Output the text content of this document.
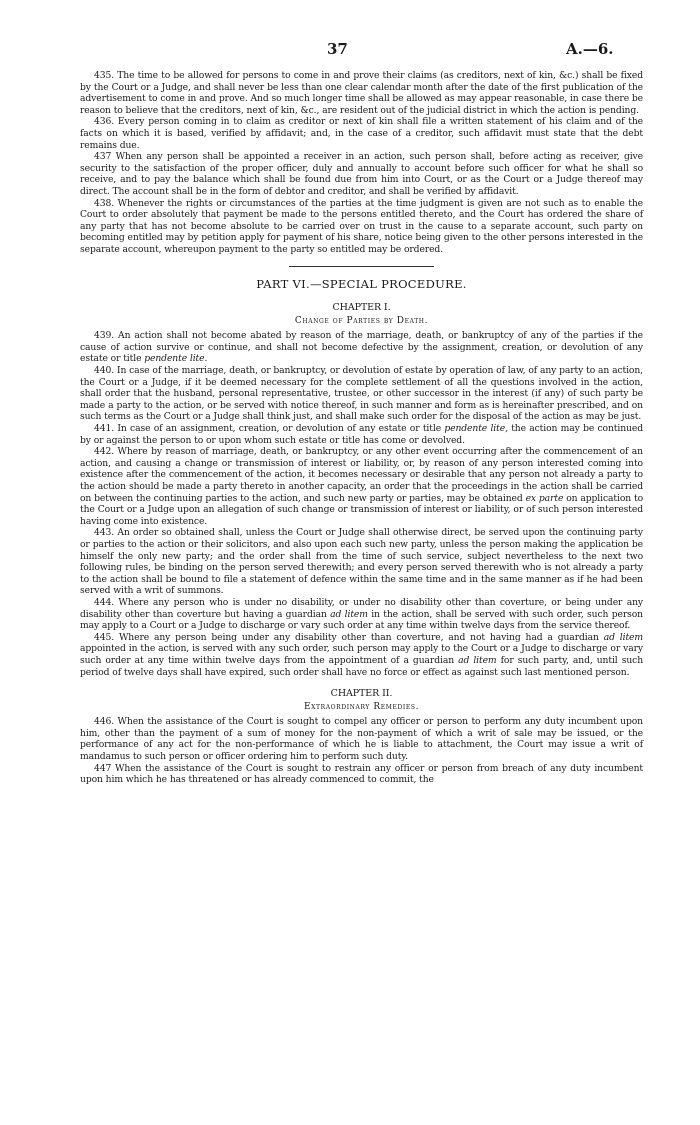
37	A.—6.

435. The time to be allowed for persons to come in and prove their claims (as creditors, next of kin, &c.) shall be fixed by the Court or a Judge, and shall never be less than one clear calendar month after the date of the first publication of the advertisement to come in and prove. And so much longer time shall be allowed as may appear reasonable, in case there be reason to believe that the creditors, next of kin, &c., are resident out of the judicial district in which the action is pending.

436. Every person coming in to claim as creditor or next of kin shall file a written statement of his claim and of the facts on which it is based, verified by affidavit; and, in the case of a creditor, such affidavit must state that the debt remains due.

437 When any person shall be appointed a receiver in an action, such person shall, before acting as receiver, give security to the satisfaction of the proper officer, duly and annually to account before such officer for what he shall so receive, and to pay the balance which shall be found due from him into Court, or as the Court or a Judge thereof may direct. The account shall be in the form of debtor and creditor, and shall be verified by affidavit.

438. Whenever the rights or circumstances of the parties at the time judgment is given are not such as to enable the Court to order absolutely that payment be made to the persons entitled thereto, and the Court has ordered the share of any party that has not become absolute to be carried over on trust in the cause to a separate account, such party on becoming entitled may by petition apply for payment of his share, notice being given to the other persons interested in the separate account, whereupon payment to the party so entitled may be ordered.

PART VI.—SPECIAL PROCEDURE.
CHAPTER I.
Change of Parties by Death.

439. An action shall not become abated by reason of the marriage, death, or bankruptcy of any of the parties if the cause of action survive or continue, and shall not become defective by the assignment, creation, or devolution of any estate or title pendente lite.

440. In case of the marriage, death, or bankruptcy, or devolution of estate by operation of law, of any party to an action, the Court or a Judge, if it be deemed necessary for the complete settlement of all the questions involved in the action, shall order that the husband, personal representative, trustee, or other successor in the interest (if any) of such party be made a party to the action, or be served with notice thereof, in such manner and form as is hereinafter prescribed, and on such terms as the Court or a Judge shall think just, and shall make such order for the disposal of the action as may be just.

441. In case of an assignment, creation, or devolution of any estate or title pendente lite, the action may be continued by or against the person to or upon whom such estate or title has come or devolved.

442. Where by reason of marriage, death, or bankruptcy, or any other event occurring after the commencement of an action, and causing a change or transmission of interest or liability, or, by reason of any person interested coming into existence after the commencement of the action, it becomes necessary or desirable that any person not already a party to the action should be made a party thereto in another capacity, an order that the proceedings in the action shall be carried on between the continuing parties to the action, and such new party or parties, may be obtained ex parte on application to the Court or a Judge upon an allegation of such change or transmission of interest or liability, or of such person interested having come into existence.

443. An order so obtained shall, unless the Court or Judge shall otherwise direct, be served upon the continuing party or parties to the action or their solicitors, and also upon each such new party, unless the person making the application be himself the only new party; and the order shall from the time of such service, subject nevertheless to the next two following rules, be binding on the person served therewith; and every person served therewith who is not already a party to the action shall be bound to file a statement of defence within the same time and in the same manner as if he had been served with a writ of summons.

444. Where any person who is under no disability, or under no disability other than coverture, or being under any disability other than coverture but having a guardian ad litem in the action, shall be served with such order, such person may apply to a Court or a Judge to discharge or vary such order at any time within twelve days from the service thereof.

445. Where any person being under any disability other than coverture, and not having had a guardian ad litem appointed in the action, is served with any such order, such person may apply to the Court or a Judge to discharge or vary such order at any time within twelve days from the appointment of a guardian ad litem for such party, and, until such period of twelve days shall have expired, such order shall have no force or effect as against such last mentioned person.

CHAPTER II.
Extraordinary Remedies.

446. When the assistance of the Court is sought to compel any officer or person to perform any duty incumbent upon him, other than the payment of a sum of money for the non-payment of which a writ of sale may be issued, or the performance of any act for the non-performance of which he is liable to attachment, the Court may issue a writ of mandamus to such person or officer ordering him to perform such duty.

447 When the assistance of the Court is sought to restrain any officer or person from breach of any duty incumbent upon him which he has threatened or has already commenced to commit, the
